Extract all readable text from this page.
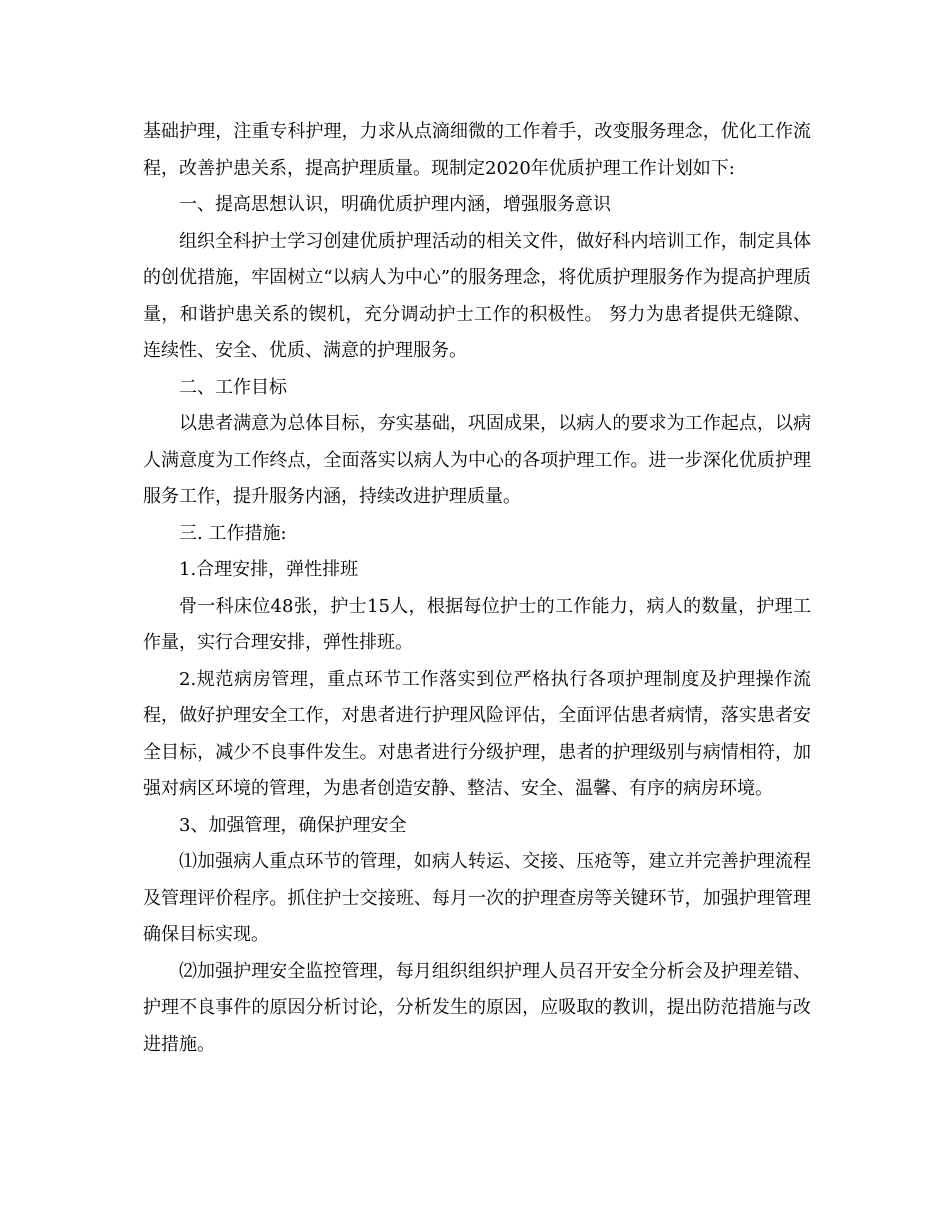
基础护理，注重专科护理，力求从点滴细微的工作着手，改变服务理念，优化工作流程，改善护患关系，提高护理质量。现制定2020年优质护理工作计划如下:

一、提高思想认识，明确优质护理内涵，增强服务意识

组织全科护士学习创建优质护理活动的相关文件，做好科内培训工作，制定具体的创优措施，牢固树立“以病人为中心”的服务理念，将优质护理服务作为提高护理质量，和谐护患关系的锲机，充分调动护士工作的积极性。 努力为患者提供无缝隙、连续性、安全、优质、满意的护理服务。

二、工作目标

以患者满意为总体目标，夯实基础，巩固成果，以病人的要求为工作起点，以病人满意度为工作终点，全面落实以病人为中心的各项护理工作。进一步深化优质护理服务工作，提升服务内涵，持续改进护理质量。

三. 工作措施:

1.合理安排，弹性排班

骨一科床位48张，护士15人，根据每位护士的工作能力，病人的数量，护理工作量，实行合理安排，弹性排班。

2.规范病房管理，重点环节工作落实到位严格执行各项护理制度及护理操作流程，做好护理安全工作，对患者进行护理风险评估，全面评估患者病情，落实患者安全目标，减少不良事件发生。对患者进行分级护理，患者的护理级别与病情相符，加强对病区环境的管理，为患者创造安静、整洁、安全、温馨、有序的病房环境。

3、加强管理，确保护理安全

⑴加强病人重点环节的管理，如病人转运、交接、压疮等，建立并完善护理流程及管理评价程序。抓住护士交接班、每月一次的护理查房等关键环节，加强护理管理确保目标实现。

⑵加强护理安全监控管理，每月组织组织护理人员召开安全分析会及护理差错、护理不良事件的原因分析讨论，分析发生的原因，应吸取的教训，提出防范措施与改进措施。
